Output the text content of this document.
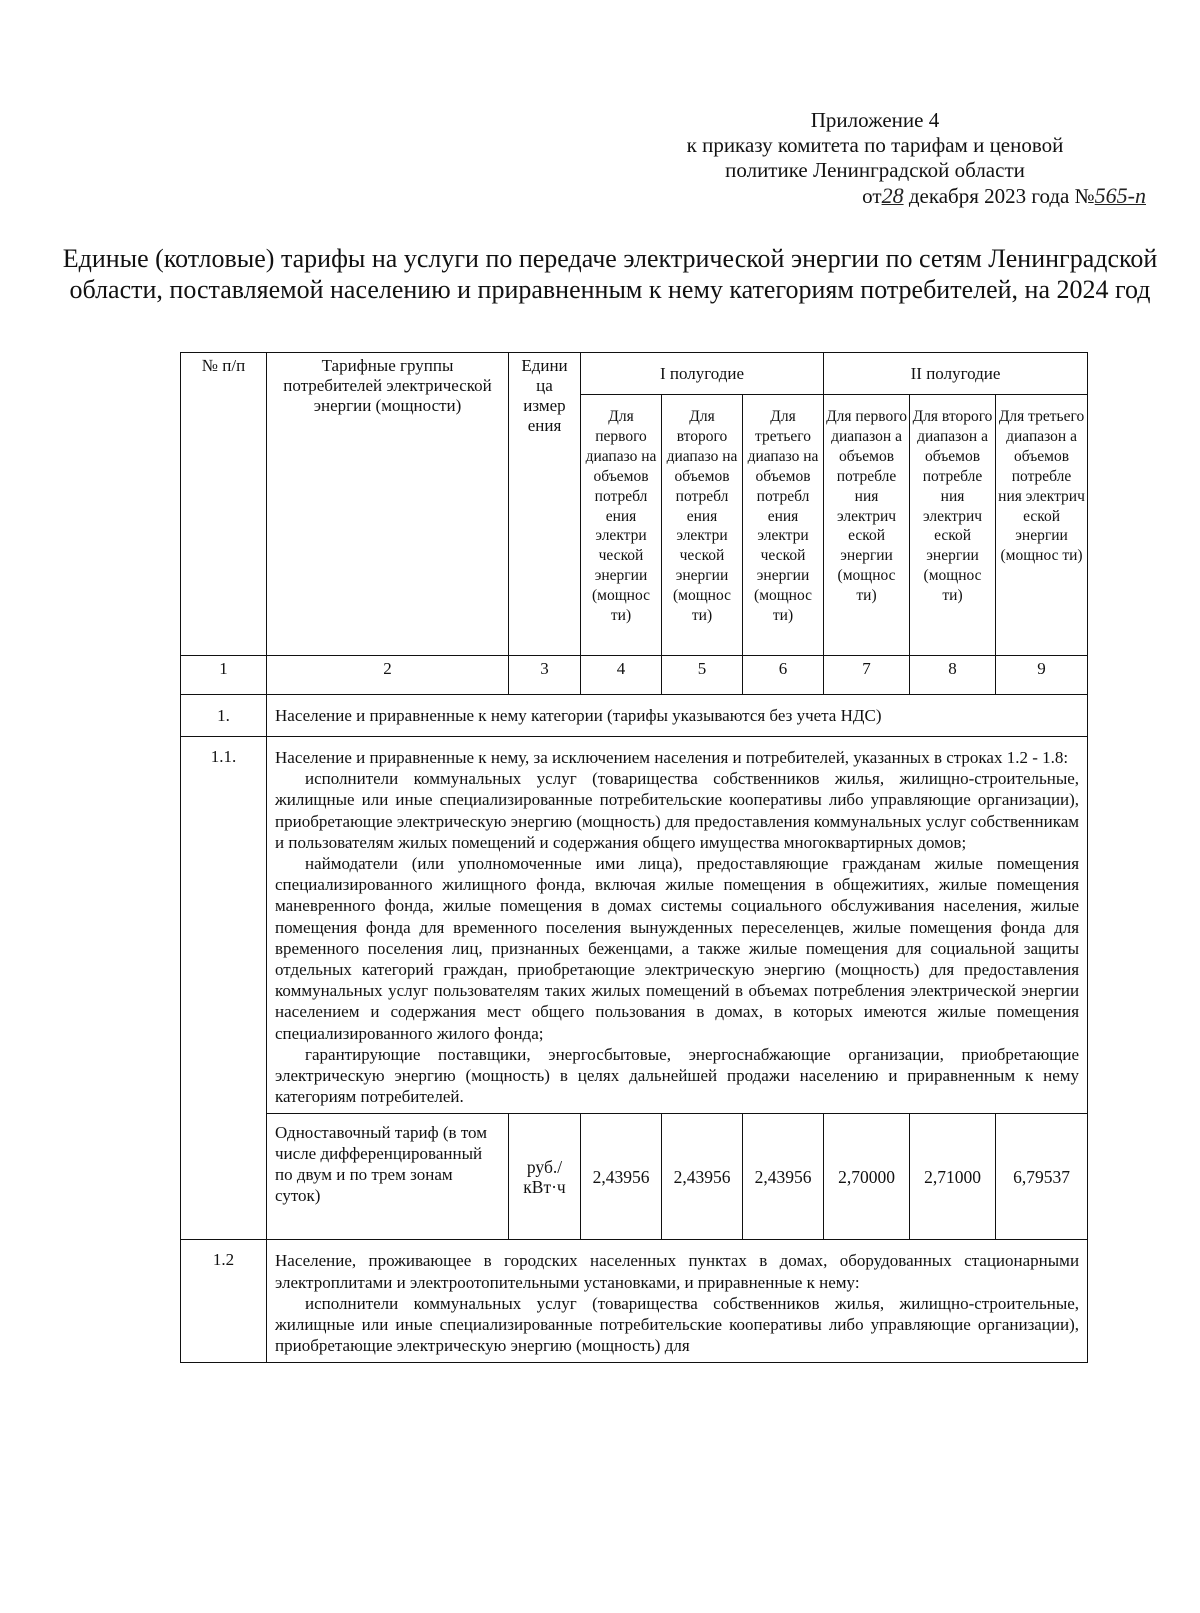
Приложение 4
к приказу комитета по тарифам и ценовой
политике Ленинградской области
от28 декабря 2023 года №565-п
Единые (котловые) тарифы на услуги по передаче электрической энергии по сетям Ленинградской области, поставляемой населению и приравненным к нему категориям потребителей, на 2024 год
№ п/п	Тарифные группы потребителей электрической энергии (мощности)	Едини ца измер ения	I полугодие			II полугодие		
			Для первого диапазо на объемов потребл ения электри ческой энергии (мощнос ти)	Для второго диапазо на объемов потребл ения электри ческой энергии (мощнос ти)	Для третьего диапазо на объемов потребл ения электри ческой энергии (мощнос ти)	Для первого диапазон а объемов потребле ния электрич еской энергии (мощнос ти)	Для второго диапазон а объемов потребле ния электрич еской энергии (мощнос ти)	Для третьего диапазон а объемов потребле ния электрич еской энергии (мощнос ти)
1	2	3	4	5	6	7	8	9
1.	Население и приравненные к нему категории (тарифы указываются без учета НДС)							
1.1.	Население и приравненные к нему, за исключением населения и потребителей, указанных в строках 1.2 - 1.8:
исполнители коммунальных услуг (товарищества собственников жилья, жилищно-строительные, жилищные или иные специализированные потребительские кооперативы либо управляющие организации), приобретающие электрическую энергию (мощность) для предоставления коммунальных услуг собственникам и пользователям жилых помещений и содержания общего имущества многоквартирных домов;
наймодатели (или уполномоченные ими лица), предоставляющие гражданам жилые помещения специализированного жилищного фонда, включая жилые помещения в общежитиях, жилые помещения маневренного фонда, жилые помещения в домах системы социального обслуживания населения, жилые помещения фонда для временного поселения вынужденных переселенцев, жилые помещения фонда для временного поселения лиц, признанных беженцами, а также жилые помещения для социальной защиты отдельных категорий граждан, приобретающие электрическую энергию (мощность) для предоставления коммунальных услуг пользователям таких жилых помещений в объемах потребления электрической энергии населением и содержания мест общего пользования в домах, в которых имеются жилые помещения специализированного жилого фонда;
гарантирующие поставщики, энергосбытовые, энергоснабжающие организации, приобретающие электрическую энергию (мощность) в целях дальнейшей продажи населению и приравненным к нему категориям потребителей.							

	Одноставочный тариф (в том числе дифференцированный по двум и по трем зонам суток)	руб./ кВт·ч	2,43956	2,43956	2,43956	2,70000	2,71000	6,79537
1.2	Население, проживающее в городских населенных пунктах в домах, оборудованных стационарными электроплитами и электроотопительными установками, и приравненные к нему:
исполнители коммунальных услуг (товарищества собственников жилья, жилищно-строительные, жилищные или иные специализированные потребительские кооперативы либо управляющие организации), приобретающие электрическую энергию (мощность) для							
